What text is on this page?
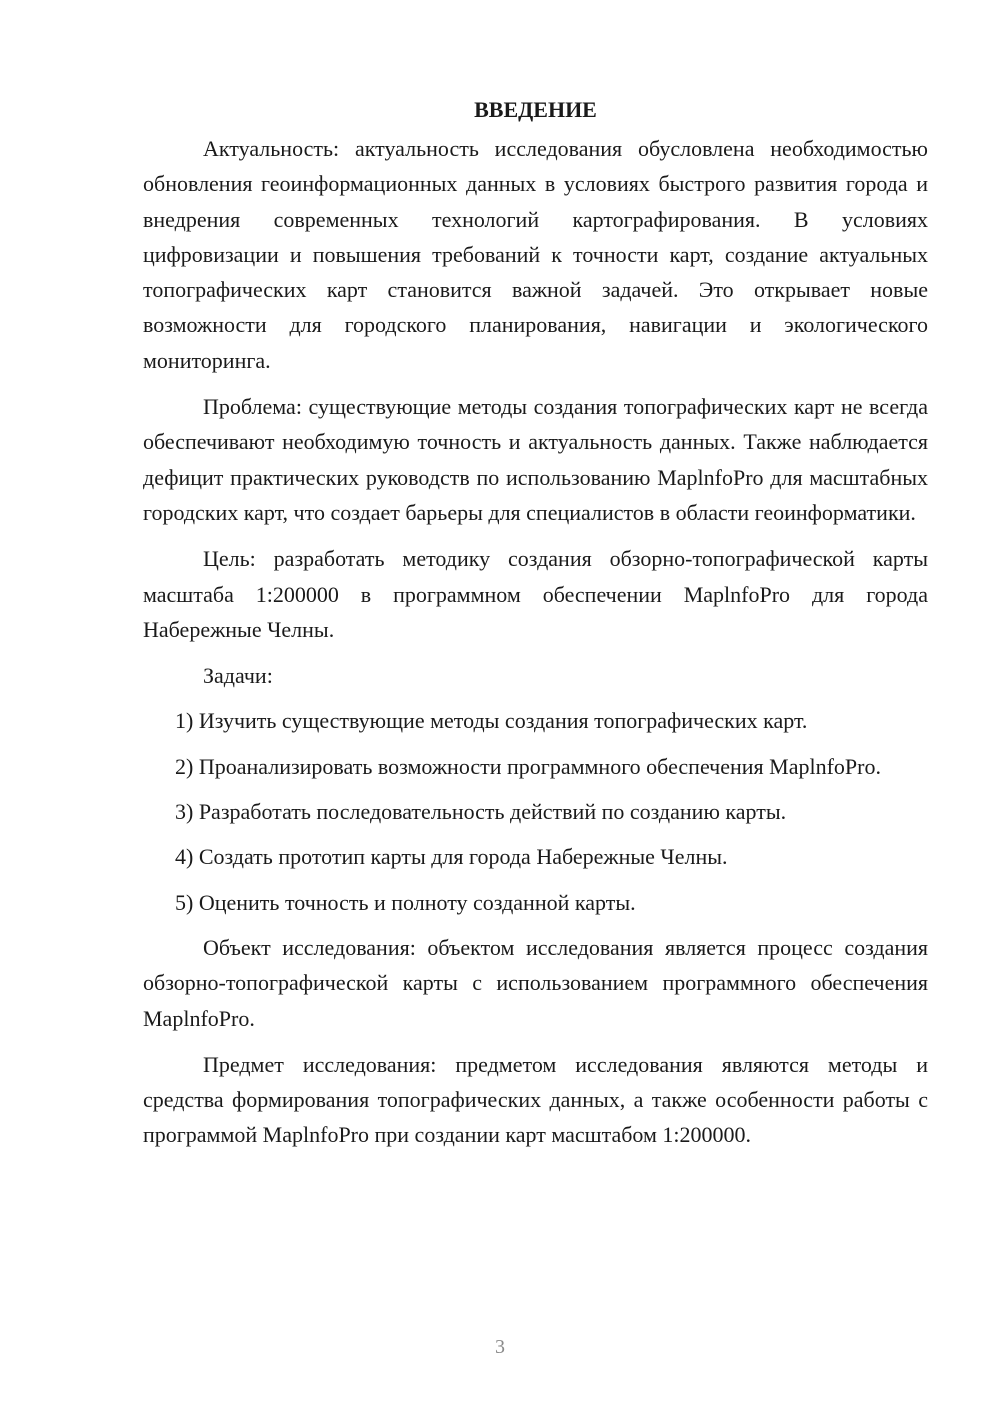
ВВЕДЕНИЕ

Актуальность: актуальность исследования обусловлена необходимостью обновления геоинформационных данных в условиях быстрого развития города и внедрения современных технологий картографирования. В условиях цифровизации и повышения требований к точности карт, создание актуальных топографических карт становится важной задачей. Это открывает новые возможности для городского планирования, навигации и экологического мониторинга.

Проблема: существующие методы создания топографических карт не всегда обеспечивают необходимую точность и актуальность данных. Также наблюдается дефицит практических руководств по использованию MaplnfoPro для масштабных городских карт, что создает барьеры для специалистов в области геоинформатики.

Цель: разработать методику создания обзорно-топографической карты масштаба 1:200000 в программном обеспечении MaplnfoPro для города Набережные Челны.

Задачи:

1) Изучить существующие методы создания топографических карт.

2) Проанализировать возможности программного обеспечения MaplnfoPro.

3) Разработать последовательность действий по созданию карты.

4) Создать прототип карты для города Набережные Челны.

5) Оценить точность и полноту созданной карты.

Объект исследования: объектом исследования является процесс создания обзорно-топографической карты с использованием программного обеспечения MaplnfoPro.

Предмет исследования: предметом исследования являются методы и средства формирования топографических данных, а также особенности работы с программой MaplnfoPro при создании карт масштабом 1:200000.

3
